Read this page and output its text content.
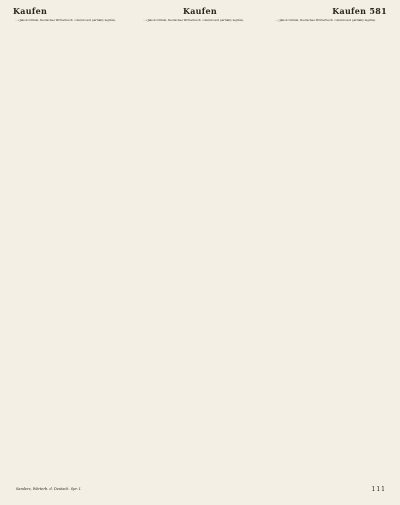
Kaufen	Kaufen	Kaufen 581

... (Jakob Grimm, Deutsches Wörterbuch: column text partially legible)	... (Jakob Grimm, Deutsches Wörterbuch: column text partially legible)	... (Jakob Grimm, Deutsches Wörterbuch: column text partially legible)

Sanders, Wörterb. d. Deutsch. Spr. I.	111
